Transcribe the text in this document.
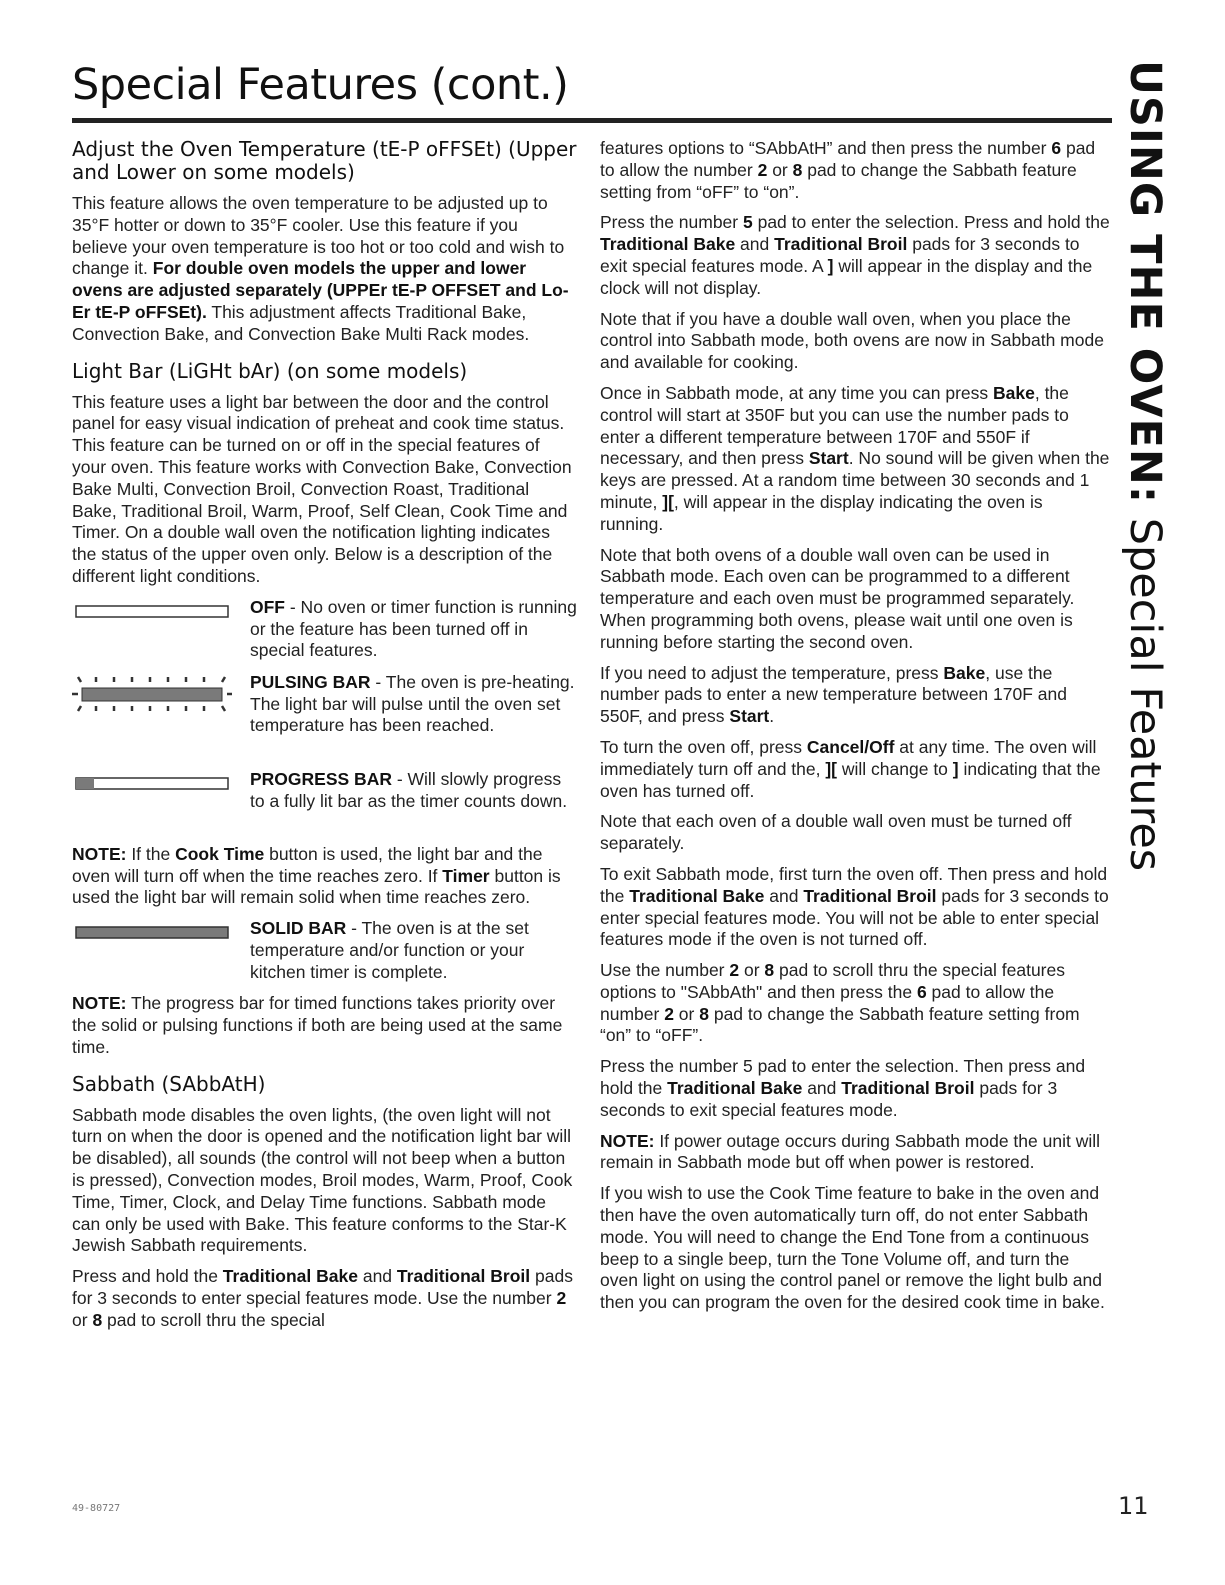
Special Features (cont.)	USING THE OVEN: Special Features
Adjust the Oven Temperature (tE-P oFFSEt) (Upper and Lower on some models)

This feature allows the oven temperature to be adjusted up to 35°F hotter or down to 35°F cooler. Use this feature if you believe your oven temperature is too hot or too cold and wish to change it. For double oven models the upper and lower ovens are adjusted separately (UPPEr tE-P OFFSET and Lo-Er tE-P oFFSEt). This adjustment affects Traditional Bake, Convection Bake, and Convection Bake Multi Rack modes.

Light Bar (LiGHt bAr) (on some models)

This feature uses a light bar between the door and the control panel for easy visual indication of preheat and cook time status. This feature can be turned on or off in the special features of your oven. This feature works with Convection Bake, Convection Bake Multi, Convection Broil, Convection Roast, Traditional Bake, Traditional Broil, Warm, Proof, Self Clean, Cook Time and Timer. On a double wall oven the notification lighting indicates the status of the upper oven only. Below is a description of the different light conditions.

OFF - No oven or timer function is running or the feature has been turned off in special features.
PULSING BAR - The oven is pre-heating. The light bar will pulse until the oven set temperature has been reached.
PROGRESS BAR - Will slowly progress to a fully lit bar as the timer counts down.

NOTE: If the Cook Time button is used, the light bar and the oven will turn off when the time reaches zero. If Timer button is used the light bar will remain solid when time reaches zero.

SOLID BAR - The oven is at the set temperature and/or function or your kitchen timer is complete.

NOTE: The progress bar for timed functions takes priority over the solid or pulsing functions if both are being used at the same time.

Sabbath (SAbbAtH)

Sabbath mode disables the oven lights, (the oven light will not turn on when the door is opened and the notification light bar will be disabled), all sounds (the control will not beep when a button is pressed), Convection modes, Broil modes, Warm, Proof, Cook Time, Timer, Clock, and Delay Time functions. Sabbath mode can only be used with Bake. This feature conforms to the Star-K Jewish Sabbath requirements.

Press and hold the Traditional Bake and Traditional Broil pads for 3 seconds to enter special features mode. Use the number 2 or 8 pad to scroll thru the special

features options to “SAbbAtH” and then press the number 6 pad to allow the number 2 or 8 pad to change the Sabbath feature setting from “oFF” to “on”.

Press the number 5 pad to enter the selection. Press and hold the Traditional Bake and Traditional Broil pads for 3 seconds to exit special features mode. A ] will appear in the display and the clock will not display.

Note that if you have a double wall oven, when you place the control into Sabbath mode, both ovens are now in Sabbath mode and available for cooking.

Once in Sabbath mode, at any time you can press Bake, the control will start at 350F but you can use the number pads to enter a different temperature between 170F and 550F if necessary, and then press Start. No sound will be given when the keys are pressed. At a random time between 30 seconds and 1 minute, ][, will appear in the display indicating the oven is running.

Note that both ovens of a double wall oven can be used in Sabbath mode. Each oven can be programmed to a different temperature and each oven must be programmed separately. When programming both ovens, please wait until one oven is running before starting the second oven.

If you need to adjust the temperature, press Bake, use the number pads to enter a new temperature between 170F and 550F, and press Start.

To turn the oven off, press Cancel/Off at any time. The oven will immediately turn off and the, ][ will change to ] indicating that the oven has turned off.

Note that each oven of a double wall oven must be turned off separately.

To exit Sabbath mode, first turn the oven off. Then press and hold the Traditional Bake and Traditional Broil pads for 3 seconds to enter special features mode. You will not be able to enter special features mode if the oven is not turned off.

Use the number 2 or 8 pad to scroll thru the special features options to "SAbbAth" and then press the 6 pad to allow the number 2 or 8 pad to change the Sabbath feature setting from “on” to “oFF”.

Press the number 5 pad to enter the selection. Then press and hold the Traditional Bake and Traditional Broil pads for 3 seconds to exit special features mode.

NOTE: If power outage occurs during Sabbath mode the unit will remain in Sabbath mode but off when power is restored.

If you wish to use the Cook Time feature to bake in the oven and then have the oven automatically turn off, do not enter Sabbath mode. You will need to change the End Tone from a continuous beep to a single beep, turn the Tone Volume off, and turn the oven light on using the control panel or remove the light bulb and then you can program the oven for the desired cook time in bake.

49-80727	11
